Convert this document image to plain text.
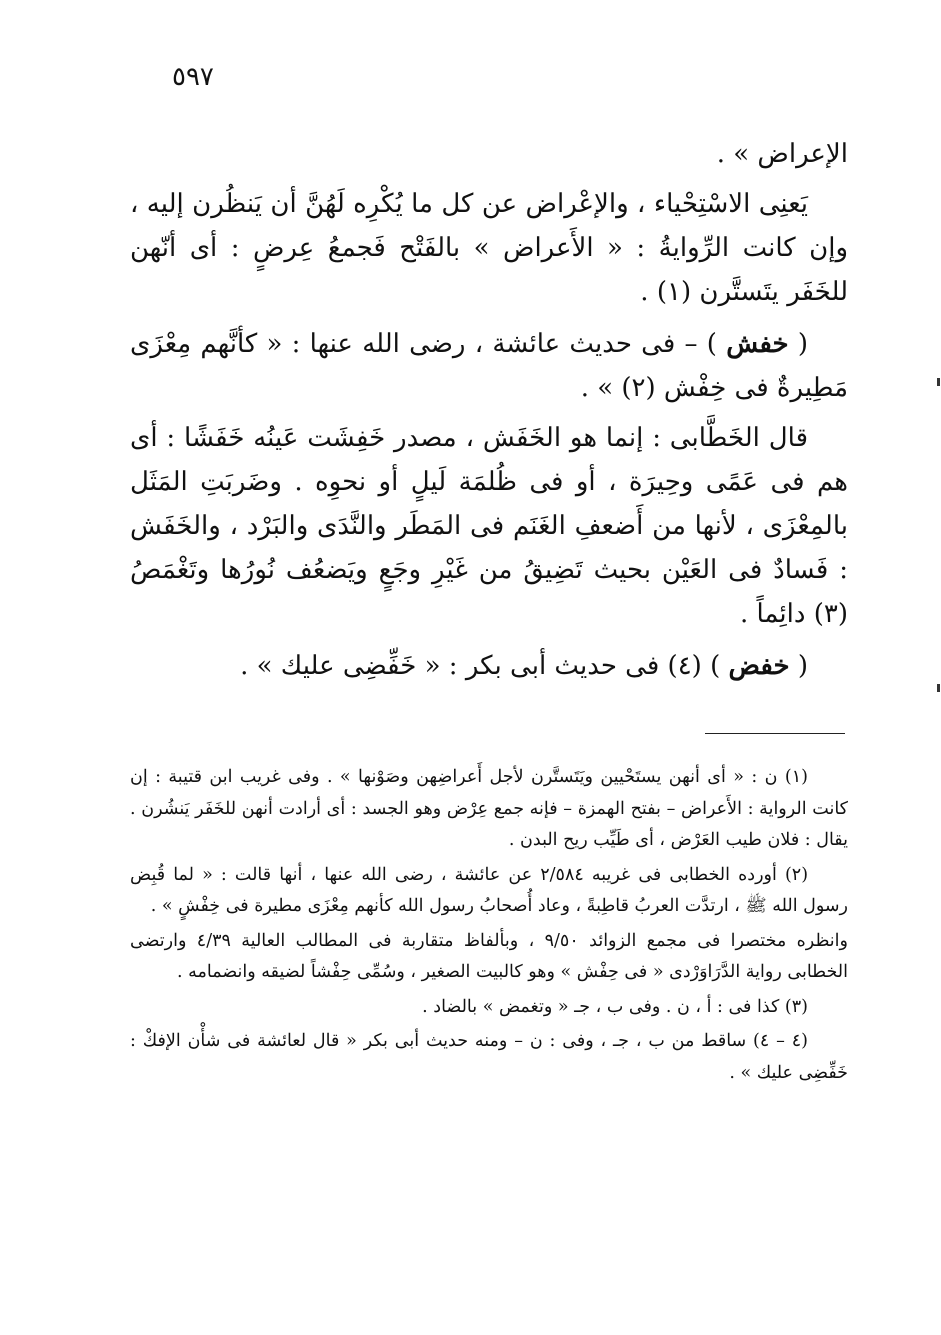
٥٩٧

الإعراض » .

يَعنِى الاسْتِحْياء ، والإعْراض عن كل ما يُكْرِه لَهُنَّ أن يَنظُرن إليه ، وإن كانت الرِّوايةُ : « الأَعراض » بالفَتْح فَجمعُ عِرضٍ : أى أنّهن للخَفَر يتَستَّرن (١) .

( خفش ) – فى حديث عائشة ، رضى الله عنها : « كأنَّهم مِعْزَى مَطِيرةٌ فى خِفْش (٢) » .

قال الخَطَّابى : إنما هو الخَفَش ، مصدر خَفِشَت عَينُه خَفَشًا : أى هم فى عَمًى وحِيرَة ، أو فى ظُلمَة لَيلٍ أو نحوِه . وضَربَتِ المَثَل بالمِعْزَى ، لأنها من أَضعفِ الغَنَم فى المَطَر والنَّدَى والبَرْد ، والخَفَش : فَسادٌ فى العَيْن بحيث تَضِيقُ من غَيْرِ وجَعٍ ويَضعُف نُورُها وتَغْمَصُ (٣) دائِماً .

( خفض ) (٤) فى حديث أبى بكر : « خَفِّضِى عليك » .

(١) ن : « أى أنهن يستَحْيين ويَتَستَّرن لأجل أَعراضِهن وصَوْنها » . وفى غريب ابن قتيبة : إن كانت الرواية : الأَعراض – بفتح الهمزة – فإنه جمع عِرْض وهو الجسد : أى أرادت أنهن للخَفَر يَنشُرن . يقال : فلان طيب العَرْض ، أى طَيِّب ريح البدن .

(٢) أورده الخطابى فى غريبه ٢/٥٨٤ عن عائشة ، رضى الله عنها ، أنها قالت : « لما قُبِض رسول الله ﷺ ، ارتدَّت العربُ قاطِبةً ، وعاد أُصحابُ رسول الله كأنهم مِعْزَى مطيرة فى خِفْشٍ » .

وانظره مختصرا فى مجمع الزوائد ٩/٥٠ ، وبألفاظ متقاربة فى المطالب العالية ٤/٣٩ وارتضى الخطابى رواية الدَّرَاوَرْدى « فى حِفْش » وهو كالبيت الصغير ، وسُمِّى حِفْشاً لضيقه وانضمامه .

(٣) كذا فى : أ ، ن . وفى ب ، جـ « وتغمض » بالضاد .

(٤ – ٤) ساقط من ب ، جـ ، وفى : ن – ومنه حديث أبى بكر « قال لعائشة فى شأْن الإفكْ : خَفِّضِى عليك » .
